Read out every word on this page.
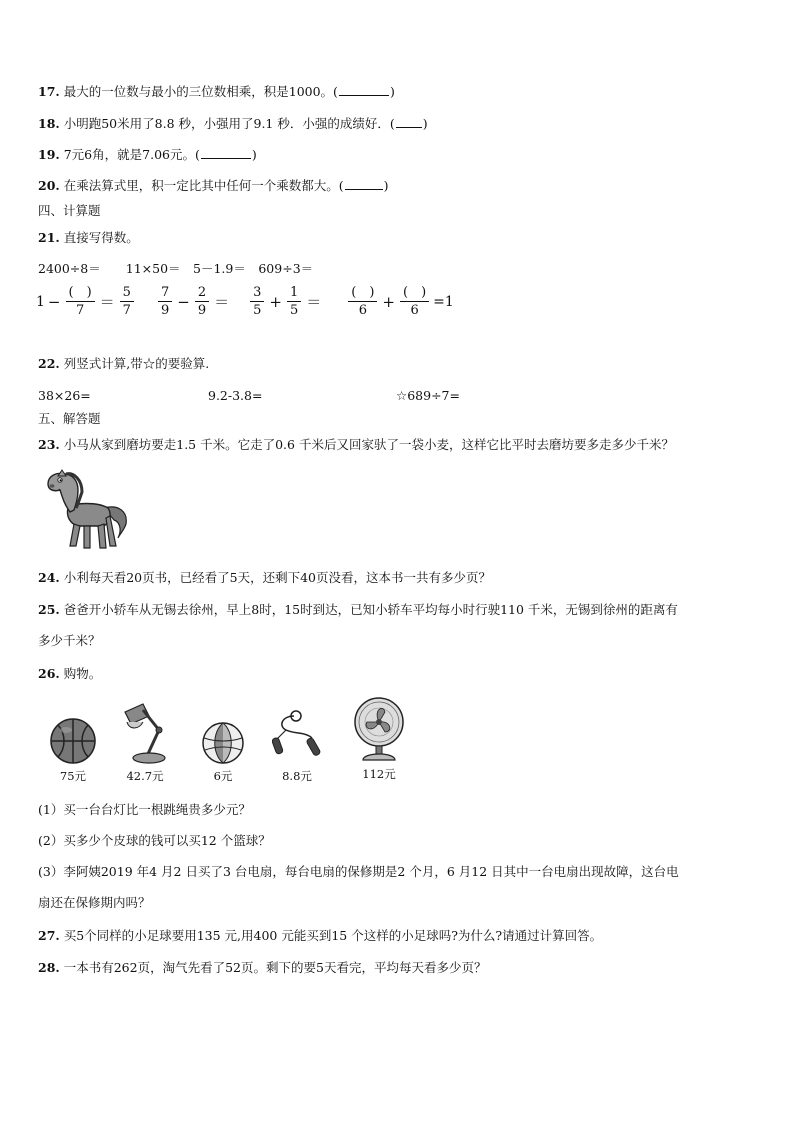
17. 最大的一位数与最小的三位数相乘，积是1000。(	)
18. 小明跑50米用了8.8 秒，小强用了9.1 秒．小强的成绩好．( )
19. 7元6角，就是7.06元。(	)
20. 在乘法算式里，积一定比其中任何一个乘数都大。(	)
四、计算题
21. 直接写得数。
2400÷8＝　　11×50＝　5－1.9＝　609÷3＝
$1 - \frac{( )}{7} = \frac{5}{7} \frac{7}{9} - \frac{2}{9} = \frac{3}{5} + \frac{1}{5} = \frac{( )}{6} + \frac{( )}{6} =1$
22. 列竖式计算,带☆的要验算.
38×26=	9.2-3.8=	☆689÷7=
五、解答题
23. 小马从家到磨坊要走1.5 千米。它走了0.6 千米后又回家驮了一袋小麦，这样它比平时去磨坊要多走多少千米？
24. 小利每天看20页书，已经看了5天，还剩下40页没看，这本书一共有多少页？
25. 爸爸开小轿车从无锡去徐州，早上8时，15时到达，已知小轿车平均每小时行驶110 千米，无锡到徐州的距离有
多少千米？
26. 购物。
75元	42.7元	6元	8.8元	112元
(1）买一台台灯比一根跳绳贵多少元？
(2）买多少个皮球的钱可以买12 个篮球？
(3）李阿姨2019 年4 月2 日买了3 台电扇，每台电扇的保修期是2 个月，6 月12 日其中一台电扇出现故障，这台电
扇还在保修期内吗？
27. 买5个同样的小足球要用135 元,用400 元能买到15 个这样的小足球吗?为什么?请通过计算回答。
28. 一本书有262页，淘气先看了52页。剩下的要5天看完，平均每天看多少页？
